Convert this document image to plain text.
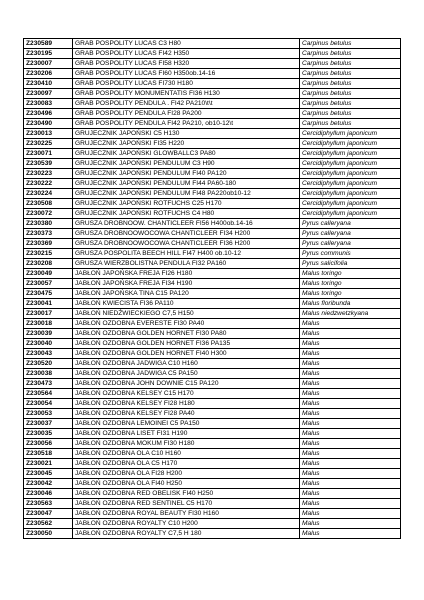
Z230589	GRAB POSPOLITY LUCAS C3 H80	Carpinus betulus
Z230195	GRAB POSPOLITY LUCAS FI42 H350	Carpinus betulus
Z230007	GRAB POSPOLITY LUCAS FI58 H320	Carpinus betulus
Z230206	GRAB POSPOLITY LUCAS FI60 H350ob.14-16	Carpinus betulus
Z230410	GRAB POSPOLITY LUCAS FI730 H180	Carpinus betulus
Z230097	GRAB POSPOLITY MONUMENTATIS FI36 H130	Carpinus betulus
Z230083	GRAB POSPOLITY PENDULA . FI42 PA210\t\t	Carpinus betulus
Z230496	GRAB POSPOLITY PENDULA FI28 PA200	Carpinus betulus
Z230490	GRAB POSPOLITY PENDULA FI42 PA210, ob10-12\t	Carpinus betulus
Z230013	GRUJECZNIK JAPOŃSKI C5 H130	Cercidiphyllum japonicum
Z230225	GRUJECZNIK JAPOŃSKI FI35 H220	Cercidiphyllum japonicum
Z230071	GRUJECZNIK JAPOŃSKI GLOWBALLC3 PA80	Cercidiphyllum japonicum
Z230539	GRUJECZNIK JAPOŃSKI PENDULUM C3 H90	Cercidiphyllum japonicum
Z230223	GRUJECZNIK JAPOŃSKI PENDULUM FI40 PA120	Cercidiphyllum japonicum
Z230222	GRUJECZNIK JAPOŃSKI PENDULUM FI44 PA60-180	Cercidiphyllum japonicum
Z230224	GRUJECZNIK JAPOŃSKI PENDULUM FI48 PA220ob10-12	Cercidiphyllum japonicum
Z230508	GRUJECZNIK JAPOŃSKI ROTFUCHS C25 H170	Cercidiphyllum japonicum
Z230072	GRUJECZNIK JAPOŃSKI ROTFUCHS C4 H80	Cercidiphyllum japonicum
Z230380	GRUSZA DROBNOOW. CHANTICLEER FI56 H400ob.14-16	Pyrus calleryana
Z230373	GRUSZA DROBNOOWOCOWA CHANTICLEER FI34 H200	Pyrus calleryana
Z230369	GRUSZA DROBNOOWOCOWA CHANTICLEER FI36 H200	Pyrus calleryana
Z230215	GRUSZA POSPOLITA BEECH HILL FI47 H400 ob.10-12	Pyrus communis
Z230208	GRUSZA WIERZBOLISTNA PENDULA FI32 PA160	Pyrus salicifolia
Z230049	JABŁOŃ JAPOŃSKA FREJA FI26 H180	Malus toringo
Z230057	JABŁOŃ JAPOŃSKA FREJA FI34 H190	Malus toringo
Z230475	JABŁOŃ JAPOŃSKA TINA C15 PA120	Malus toringo
Z230041	JABŁOŃ KWIECISTA FI36 PA110	Malus floribunda
Z230017	JABŁOŃ NIEDŹWIECKIEGO C7,5 H150	Malus niedzwetzkyana
Z230018	JABŁOŃ OZDOBNA EVERESTE FI30 PA40	Malus
Z230039	JABŁOŃ OZDOBNA GOLDEN HORNET FI30 PA80	Malus
Z230040	JABŁOŃ OZDOBNA GOLDEN HORNET FI36 PA135	Malus
Z230043	JABŁOŃ OZDOBNA GOLDEN HORNET FI40 H300	Malus
Z230520	JABŁOŃ OZDOBNA JADWIGA C10 H160	Malus
Z230038	JABŁOŃ OZDOBNA JADWIGA C5 PA150	Malus
Z230473	JABŁOŃ OZDOBNA JOHN DOWNIE C15 PA120	Malus
Z230564	JABŁOŃ OZDOBNA KELSEY C15 H170	Malus
Z230054	JABŁOŃ OZDOBNA KELSEY FI28 H180	Malus
Z230053	JABŁOŃ OZDOBNA KELSEY FI28 PA40	Malus
Z230037	JABŁOŃ OZDOBNA LEMOINEI C5 PA150	Malus
Z230035	JABŁOŃ OZDOBNA LISET FI31 H190	Malus
Z230056	JABŁOŃ OZDOBNA MOKUM FI30 H180	Malus
Z230518	JABŁOŃ OZDOBNA OLA C10 H160	Malus
Z230021	JABŁOŃ OZDOBNA OLA C5 H170	Malus
Z230045	JABŁOŃ OZDOBNA OLA FI28 H200	Malus
Z230042	JABŁOŃ OZDOBNA OLA FI40 H250	Malus
Z230046	JABŁOŃ OZDOBNA RED OBELISK FI40 H250	Malus
Z230563	JABŁOŃ OZDOBNA RED SENTINEL C5 H170	Malus
Z230047	JABŁOŃ OZDOBNA ROYAL BEAUTY FI30 H160	Malus
Z230562	JABŁOŃ OZDOBNA ROYALTY C10 H200	Malus
Z230050	JABŁOŃ OZDOBNA ROYALTY C7,5 H 180	Malus
